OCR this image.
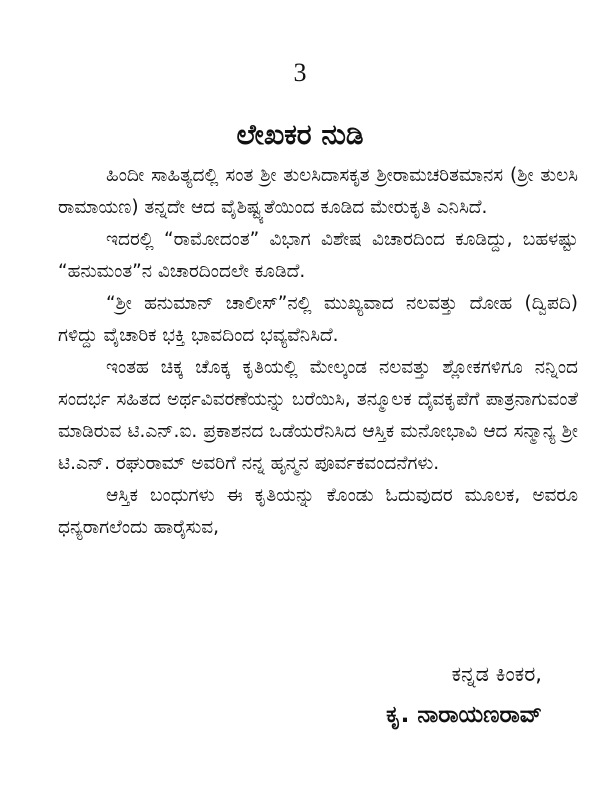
3
ಲೇಖಕರ ನುಡಿ

ಹಿಂದೀ ಸಾಹಿತ್ಯದಲ್ಲಿ ಸಂತ ಶ್ರೀ ತುಲಸಿದಾಸಕೃತ ಶ್ರೀರಾಮಚರಿತಮಾನಸ (ಶ್ರೀ ತುಲಸಿ ರಾಮಾಯಣ) ತನ್ನದೇ ಆದ ವೈಶಿಷ್ಟ್ಯತೆಯಿಂದ ಕೂಡಿದ ಮೇರುಕೃತಿ ಎನಿಸಿದೆ.

ಇದರಲ್ಲಿ “ರಾಮೋದಂತ” ವಿಭಾಗ ವಿಶೇಷ ವಿಚಾರದಿಂದ ಕೂಡಿದ್ದು, ಬಹಳಷ್ಟು “ಹನುಮಂತ”ನ ವಿಚಾರದಿಂದಲೇ ಕೂಡಿದೆ.

“ಶ್ರೀ ಹನುಮಾನ್ ಚಾಲೀಸ್”ನಲ್ಲಿ ಮುಖ್ಯವಾದ ನಲವತ್ತು ದೋಹ (ದ್ವಿಪದಿ) ಗಳಿದ್ದು ವೈಚಾರಿಕ ಭಕ್ತಿ ಭಾವದಿಂದ ಭವ್ಯವೆನಿಸಿದೆ.

ಇಂತಹ ಚಿಕ್ಕ ಚೊಕ್ಕ ಕೃತಿಯಲ್ಲಿ ಮೇಲ್ಕಂಡ ನಲವತ್ತು ಶ್ಲೋಕಗಳಿಗೂ ನನ್ನಿಂದ ಸಂದರ್ಭ ಸಹಿತದ ಅರ್ಥವಿವರಣೆಯನ್ನು ಬರೆಯಿಸಿ, ತನ್ಮೂಲಕ ದೈವಕೃಪೆಗೆ ಪಾತ್ರನಾಗುವಂತೆ ಮಾಡಿರುವ ಟಿ.ಎನ್.ಐ. ಪ್ರಕಾಶನದ ಒಡೆಯರೆನಿಸಿದ ಆಸ್ತಿಕ ಮನೋಭಾವಿ ಆದ ಸನ್ಮಾನ್ಯ ಶ್ರೀ ಟಿ.ಎನ್. ರಘುರಾಮ್ ಅವರಿಗೆ ನನ್ನ ಹೃನ್ಮನ ಪೂರ್ವಕವಂದನೆಗಳು.

ಆಸ್ತಿಕ ಬಂಧುಗಳು ಈ ಕೃತಿಯನ್ನು ಕೊಂಡು ಓದುವುದರ ಮೂಲಕ, ಅವರೂ ಧನ್ಯರಾಗಲೆಂದು ಹಾರೈಸುವ,

ಕನ್ನಡ ಕಿಂಕರ,
ಕೃ. ನಾರಾಯಣರಾವ್
